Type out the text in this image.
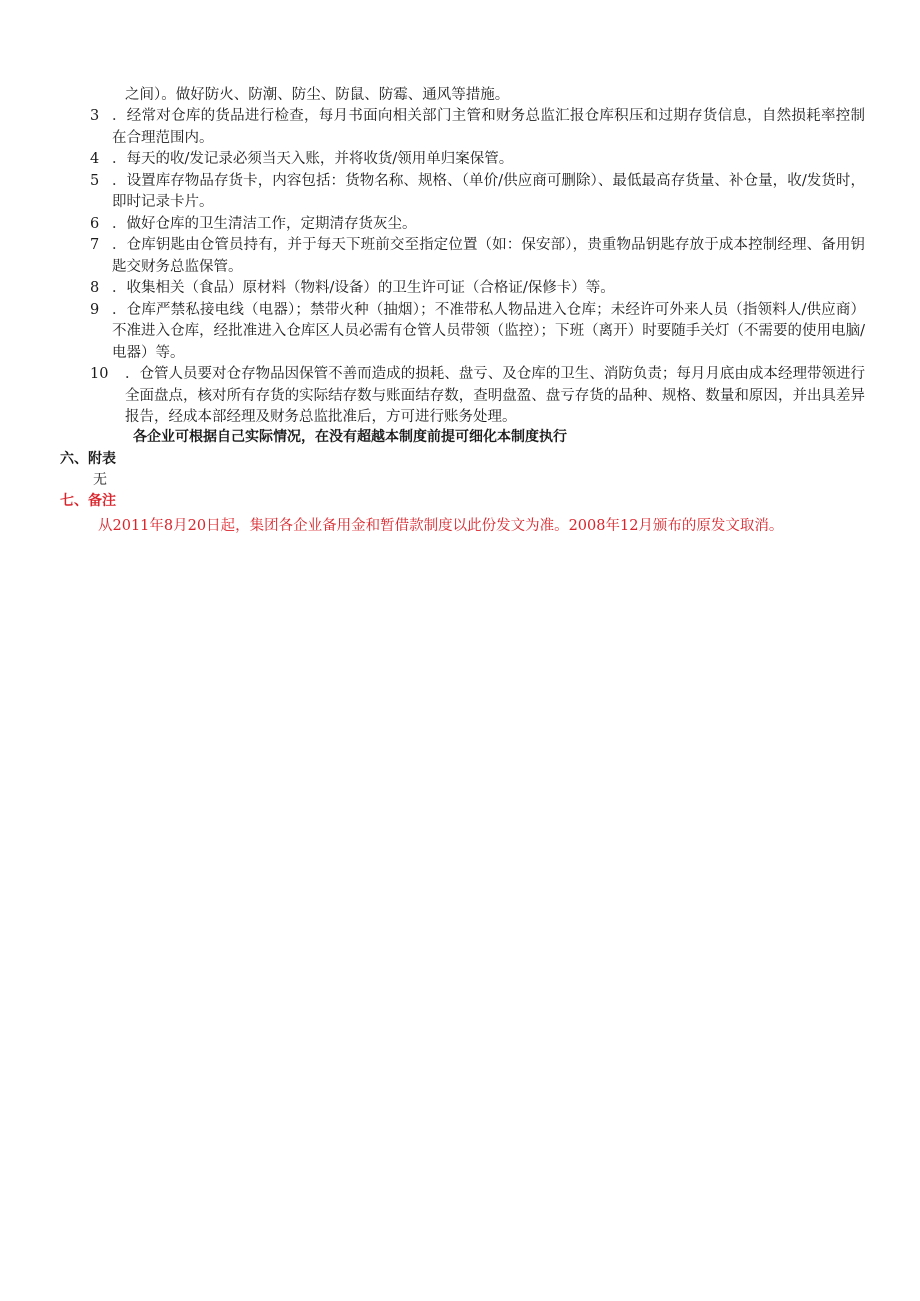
之间）。做好防火、防潮、防尘、防鼠、防霉、通风等措施。
3 ．经常对仓库的货品进行检查，每月书面向相关部门主管和财务总监汇报仓库积压和过期存货信息，自然损耗率控制在合理范围内。
4 ．每天的收/发记录必须当天入账，并将收货/领用单归案保管。
5 ．设置库存物品存货卡，内容包括：货物名称、规格、（单价/供应商可删除）、最低最高存货量、补仓量，收/发货时，即时记录卡片。
6 ．做好仓库的卫生清洁工作，定期清存货灰尘。
7 ．仓库钥匙由仓管员持有，并于每天下班前交至指定位置（如：保安部），贵重物品钥匙存放于成本控制经理、备用钥匙交财务总监保管。
8 ．收集相关（食品）原材料（物料/设备）的卫生许可证（合格证/保修卡）等。
9 ．仓库严禁私接电线（电器）；禁带火种（抽烟）；不准带私人物品进入仓库；未经许可外来人员（指领料人/供应商）不准进入仓库，经批准进入仓库区人员必需有仓管人员带领（监控）；下班（离开）时要随手关灯（不需要的使用电脑/电器）等。
10	．仓管人员要对仓存物品因保管不善而造成的损耗、盘亏、及仓库的卫生、消防负责；每月月底由成本经理带领进行全面盘点，核对所有存货的实际结存数与账面结存数，查明盘盈、盘亏存货的品种、规格、数量和原因，并出具差异报告，经成本部经理及财务总监批准后，方可进行账务处理。
各企业可根据自己实际情况，在没有超越本制度前提可细化本制度执行
六、附表
无
七、备注
从2011年8月20日起，集团各企业备用金和暂借款制度以此份发文为准。2008年12月颁布的原发文取消。
